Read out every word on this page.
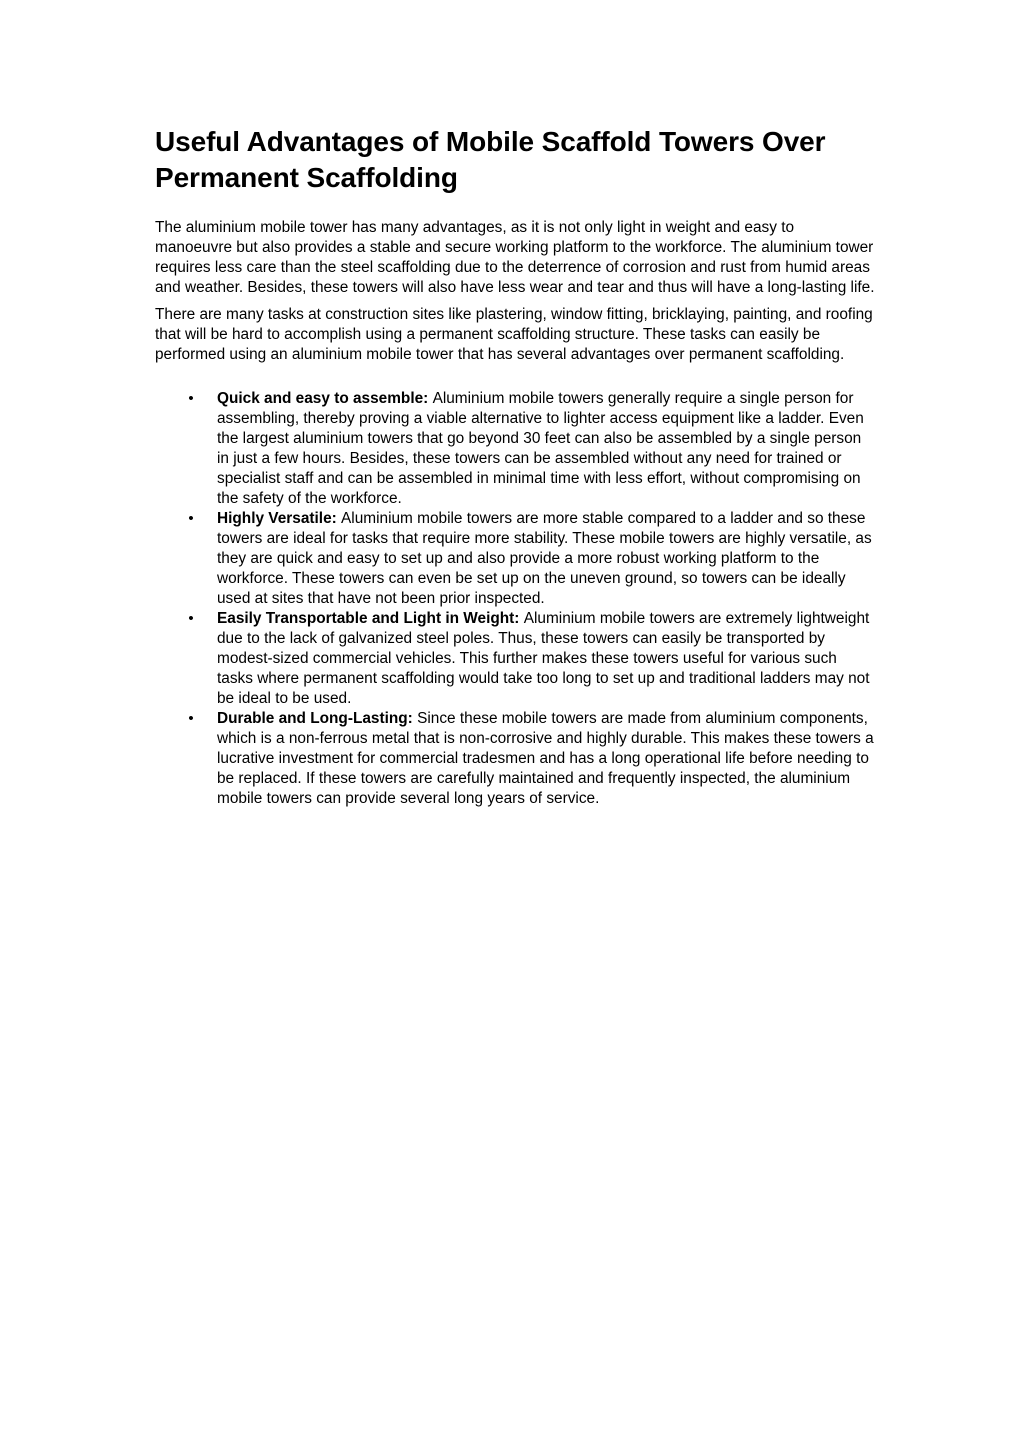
Useful Advantages of Mobile Scaffold Towers Over Permanent Scaffolding

The aluminium mobile tower has many advantages, as it is not only light in weight and easy to manoeuvre but also provides a stable and secure working platform to the workforce. The aluminium tower requires less care than the steel scaffolding due to the deterrence of corrosion and rust from humid areas and weather. Besides, these towers will also have less wear and tear and thus will have a long-lasting life.

There are many tasks at construction sites like plastering, window fitting, bricklaying, painting, and roofing that will be hard to accomplish using a permanent scaffolding structure. These tasks can easily be performed using an aluminium mobile tower that has several advantages over permanent scaffolding.

• Quick and easy to assemble: Aluminium mobile towers generally require a single person for assembling, thereby proving a viable alternative to lighter access equipment like a ladder. Even the largest aluminium towers that go beyond 30 feet can also be assembled by a single person in just a few hours. Besides, these towers can be assembled without any need for trained or specialist staff and can be assembled in minimal time with less effort, without compromising on the safety of the workforce.
• Highly Versatile: Aluminium mobile towers are more stable compared to a ladder and so these towers are ideal for tasks that require more stability. These mobile towers are highly versatile, as they are quick and easy to set up and also provide a more robust working platform to the workforce. These towers can even be set up on the uneven ground, so towers can be ideally used at sites that have not been prior inspected.
• Easily Transportable and Light in Weight: Aluminium mobile towers are extremely lightweight due to the lack of galvanized steel poles. Thus, these towers can easily be transported by modest-sized commercial vehicles. This further makes these towers useful for various such tasks where permanent scaffolding would take too long to set up and traditional ladders may not be ideal to be used.
• Durable and Long-Lasting: Since these mobile towers are made from aluminium components, which is a non-ferrous metal that is non-corrosive and highly durable. This makes these towers a lucrative investment for commercial tradesmen and has a long operational life before needing to be replaced. If these towers are carefully maintained and frequently inspected, the aluminium mobile towers can provide several long years of service.
